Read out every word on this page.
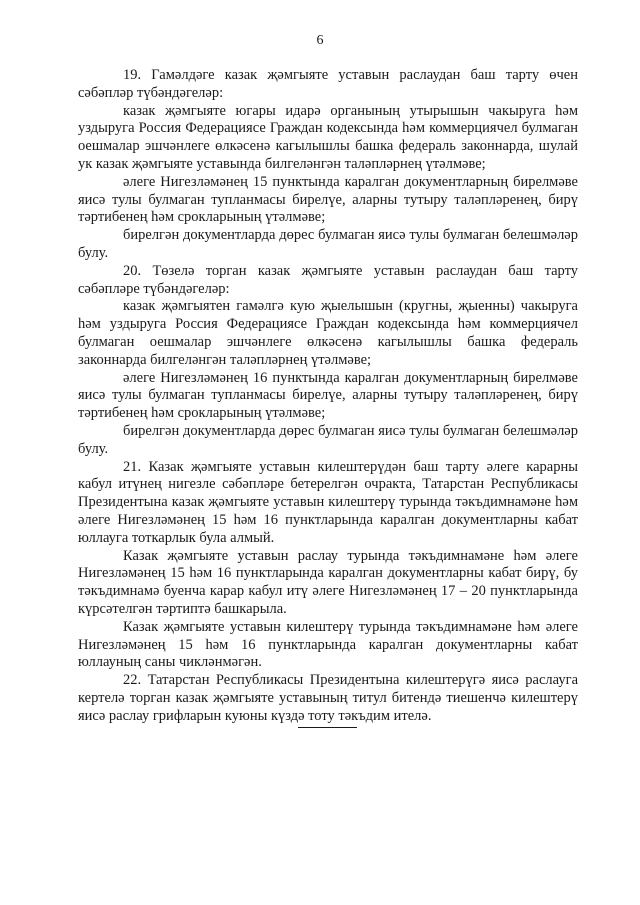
6

19. Гамәлдәге казак җәмгыяте уставын раслаудан баш тарту өчен сәбәпләр түбәндәгеләр:

казак җәмгыяте югары идарә органының утырышын чакыруга һәм уздыруга Россия Федерациясе Граждан кодексында һәм коммерциячел булмаган оешмалар эшчәнлеге өлкәсенә кагылышлы башка федераль законнарда, шулай ук казак җәмгыяте уставында билгеләнгән таләпләрнең үтәлмәве;

әлеге Нигезләмәнең 15 пунктында каралган документларның бирелмәве яисә тулы булмаган тупланмасы бирелүе, аларны тутыру таләпләренең, бирү тәртибенең һәм срокларының үтәлмәве;

бирелгән документларда дөрес булмаган яисә тулы булмаган белешмәләр булу.

20. Төзелә торган казак җәмгыяте уставын раслаудан баш тарту сәбәпләре түбәндәгеләр:

казак җәмгыятен гамәлгә кую җыелышын (кругны, җыенны) чакыруга һәм уздыруга Россия Федерациясе Граждан кодексында һәм коммерциячел булмаган оешмалар эшчәнлеге өлкәсенә кагылышлы башка федераль законнарда билгеләнгән таләпләрнең үтәлмәве;

әлеге Нигезләмәнең 16 пунктында каралган документларның бирелмәве яисә тулы булмаган тупланмасы бирелүе, аларны тутыру таләпләренең, бирү тәртибенең һәм срокларының үтәлмәве;

бирелгән документларда дөрес булмаган яисә тулы булмаган белешмәләр булу.

21. Казак җәмгыяте уставын килештерүдән баш тарту әлеге карарны кабул итүнең нигезле сәбәпләре бетерелгән очракта, Татарстан Республикасы Президентына казак җәмгыяте уставын килештерү турында тәкъдимнамәне һәм әлеге Нигезләмәнең 15 һәм 16 пунктларында каралган документларны кабат юллауга тоткарлык була алмый.

Казак җәмгыяте уставын раслау турында тәкъдимнамәне һәм әлеге Нигезләмәнең 15 һәм 16 пунктларында каралган документларны кабат бирү, бу тәкъдимнамә буенча карар кабул итү әлеге Нигезләмәнең 17 – 20 пунктларында күрсәтелгән тәртиптә башкарыла.

Казак җәмгыяте уставын килештерү турында тәкъдимнамәне һәм әлеге Нигезләмәнең 15 һәм 16 пунктларында каралган документларны кабат юллауның саны чикләнмәгән.

22. Татарстан Республикасы Президентына килештерүгә яисә раслауга кертелә торган казак җәмгыяте уставының титул битендә тиешенчә килештерү яисә раслау грифларын куюны күздә тоту тәкъдим ителә.
